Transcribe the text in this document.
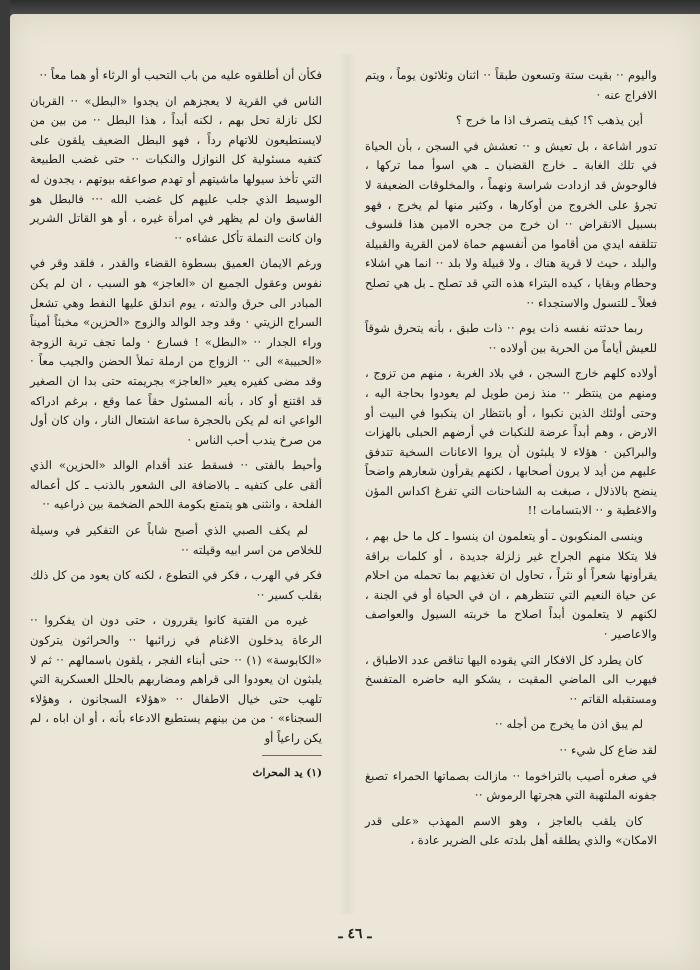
واليوم ⋅⋅ بقيت ستة وتسعون طبقاً ⋅⋅ اثنان وثلاثون يوماً ، ويتم الافراج عنه ⋅

أين يذهب ؟! كيف يتصرف اذا ما خرج ؟

تدور اشاعة ، بل تعيش و ⋅⋅ تعشش في السجن ، بأن الحياة في تلك الغابة ـ خارج القضبان ـ هي اسوأ مما تركها ، فالوحوش قد ازدادت شراسة ونهماً ، والمخلوقات الضعيفة لا تجرؤ على الخروج من أوكارها ، وكثير منها لم يخرج ، فهو بسبيل الانقراض ⋅⋅ ان خرج من جحره الامين هذا فلسوف تتلقفه ايدي من أقاموا من أنفسهم حماة لامن القرية والقبيلة والبلد ، حيث لا قرية هناك ، ولا قبيلة ولا بلد ⋅⋅ انما هي اشلاء وحطام وبقايا ، كيده البتراء هذه التي قد تصلح ـ بل هي تصلح فعلاً ـ للتسول والاستجداء ⋅⋅

ربما حدثته نفسه ذات يوم ⋅⋅ ذات طبق ، بأنه يتحرق شوقاً للعيش أياماً من الحرية بين أولاده ⋅⋅

أولاده كلهم خارج السجن ، في بلاد الغربة ، منهم من تزوج ، ومنهم من ينتظر ⋅⋅ منذ زمن طويل لم يعودوا بحاجة اليه ، وحتى أولئك الذين نكبوا ، أو بانتظار ان ينكبوا في البيت أو الارض ، وهم أبداً عرضة للنكبات في أرضهم الحبلى بالهزات والبراكين ⋅ هؤلاء لا يلبثون أن يروا الاعانات السخية تتدفق عليهم من أيد لا يرون أصحابها ، لكنهم يقرأون شعارهم واضحاً ينضح بالاذلال ، صبغت به الشاحنات التي تفرغ اكداس المؤن والاغطية و ⋅⋅ الابتسامات !!

وينسى المنكوبون ـ أو يتعلمون ان ينسوا ـ كل ما حل بهم ، فلا يتكلا منهم الجراح غير زلزلة جديدة ، أو كلمات براقة يقرأونها شعراً أو نثراً ، تحاول ان تغذيهم بما تحمله من احلام عن حياة النعيم التي تنتظرهم ، ان في الحياة أو في الجنة ، لكنهم لا يتعلمون أبداً اصلاح ما خربته السيول والعواصف والاعاصير ⋅

كان يطرد كل الافكار التي يقوده اليها تناقص عدد الاطباق ، فيهرب الى الماضي المقيت ، يشكو اليه حاضره المتفسخ ومستقبله القاتم ⋅⋅

لم يبق اذن ما يخرج من أجله ⋅⋅

لقد ضاع كل شيء ⋅⋅

في صغره أصيب بالتراخوما ⋅⋅ مازالت بصماتها الحمراء تصبغ جفونه الملتهبة التي هجرتها الرموش ⋅⋅

كان يلقب بالعاجز ، وهو الاسم المهذب «على قدر الامكان» والذي يطلقه أهل بلدته على الضرير عادة ،

فكأن أن أطلقوه عليه من باب التحبب أو الرثاء أو هما معاً ⋅⋅

الناس في القرية لا يعجزهم ان يجدوا «البطل» ⋅⋅ القربان لكل نازلة تحل بهم ، لكنه أبداً ، هذا البطل ⋅⋅ من بين من لايستطيعون للاتهام رداً ، فهو البطل الضعيف يلقون على كتفيه مسئولية كل النوازل والنكبات ⋅⋅ حتى غضب الطبيعة التي تأخذ سيولها ماشيتهم أو تهدم صواعقه بيوتهم ، يجدون له الوسيط الذي جلب عليهم كل غضب الله ⋅⋅⋅ فالبطل هو الفاسق وان لم يظهر في امرأة غيره ، أو هو القاتل الشرير وان كانت النملة تأكل عشاءه ⋅⋅

ورغم الايمان العميق بسطوة القضاء والقدر ، فلقد وقر في نفوس وعقول الجميع ان «العاجز» هو السبب ، ان لم يكن المبادر الى حرق والدته ، يوم اندلق عليها النفط وهي تشعل السراج الزيتي ⋅ وقد وجد الوالد والزوج «الحزين» مخبئاً أميناً وراء الجدار ⋅⋅ «البطل» ! فسارع ⋅ ولما تجف تربة الزوجة «الحبيبة» الى ⋅⋅ الزواج من ارملة تملأ الحضن والجيب معاً ⋅ وقد مضى كفيره يعير «العاجز» بجريمته حتى بدا ان الصغير قد اقتنع أو كاد ، بأنه المسئول حقاً عما وقع ، برغم ادراكه الواعي انه لم يكن بالحجرة ساعة اشتعال النار ، وان كان أول من صرخ يندب أحب الناس ⋅

وأحيط بالفتى ⋅⋅ فسقط عند أقدام الوالد «الحزين» الذي ألقى على كتفيه ـ بالاضافة الى الشعور بالذنب ـ كل أعماله الفلحة ، وانثنى هو يتمتع بكومة اللحم الضخمة بين ذراعيه ⋅⋅

لم يكف الصبي الذي أصبح شاباً عن التفكير في وسيلة للخلاص من اسر ابيه وقيلته ⋅⋅

فكر في الهرب ، فكر في التطوع ، لكنه كان يعود من كل ذلك بقلب كسير ⋅⋅

غيره من الفتية كانوا يقررون ، حتى دون ان يفكروا ⋅⋅ الرعاة يدخلون الاغنام في زرائبها ⋅⋅ والحراثون يتركون «الكابوسة» (١) ⋅⋅ حتى أبناء الفجر ، يلقون باسمالهم ⋅⋅ ثم لا يلبثون ان يعودوا الى قراهم ومضاربهم بالحلل العسكرية التي تلهب حتى خيال الاطفال ⋅⋅ «هؤلاء السجانون ، وهؤلاء السجناء» ⋅ من من بينهم يستطيع الادعاء بأنه ، أو ان اباه ، لم يكن راعياً أو

(١) يد المحراث
ـ ٤٦ ـ
